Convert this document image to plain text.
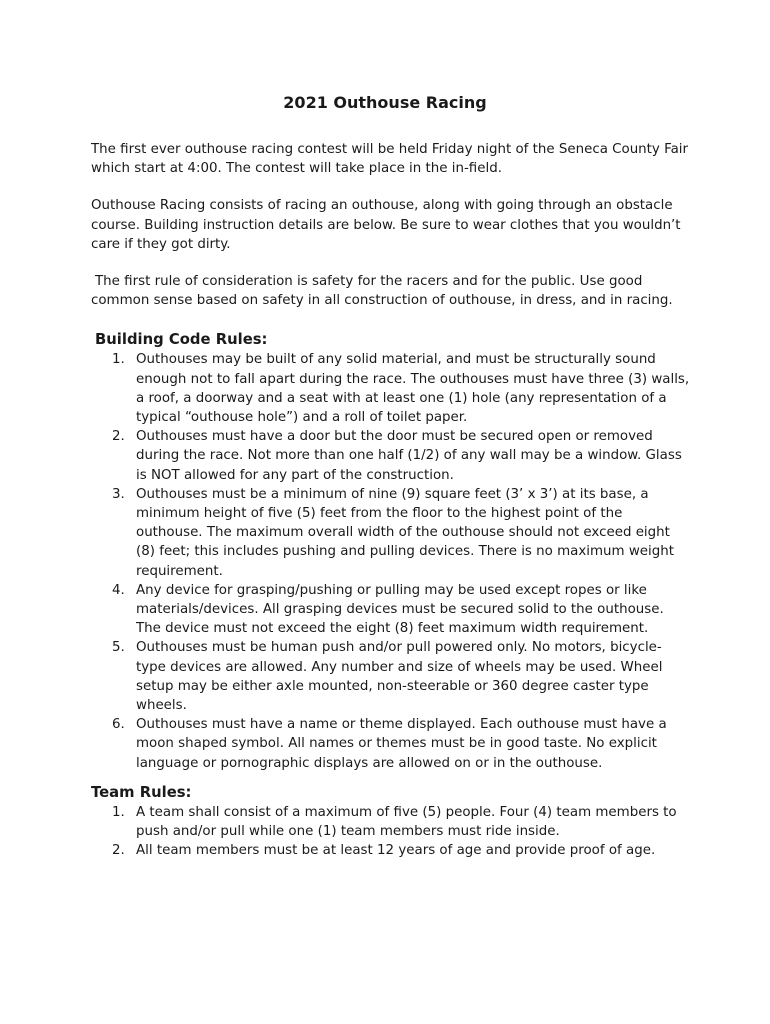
2021 Outhouse Racing

The first ever outhouse racing contest will be held Friday night of the Seneca County Fair which start at 4:00. The contest will take place in the in-field.

Outhouse Racing consists of racing an outhouse, along with going through an obstacle course. Building instruction details are below. Be sure to wear clothes that you wouldn’t care if they got dirty.

The first rule of consideration is safety for the racers and for the public. Use good common sense based on safety in all construction of outhouse, in dress, and in racing.

Building Code Rules:
1. Outhouses may be built of any solid material, and must be structurally sound enough not to fall apart during the race. The outhouses must have three (3) walls, a roof, a doorway and a seat with at least one (1) hole (any representation of a typical “outhouse hole”) and a roll of toilet paper.
2. Outhouses must have a door but the door must be secured open or removed during the race. Not more than one half (1/2) of any wall may be a window. Glass is NOT allowed for any part of the construction.
3. Outhouses must be a minimum of nine (9) square feet (3’ x 3’) at its base, a minimum height of five (5) feet from the floor to the highest point of the outhouse. The maximum overall width of the outhouse should not exceed eight (8) feet; this includes pushing and pulling devices. There is no maximum weight requirement.
4. Any device for grasping/pushing or pulling may be used except ropes or like materials/devices. All grasping devices must be secured solid to the outhouse. The device must not exceed the eight (8) feet maximum width requirement.
5. Outhouses must be human push and/or pull powered only. No motors, bicycle-type devices are allowed. Any number and size of wheels may be used. Wheel setup may be either axle mounted, non-steerable or 360 degree caster type wheels.
6. Outhouses must have a name or theme displayed. Each outhouse must have a moon shaped symbol. All names or themes must be in good taste. No explicit language or pornographic displays are allowed on or in the outhouse.
Team Rules:
1. A team shall consist of a maximum of five (5) people. Four (4) team members to push and/or pull while one (1) team members must ride inside.
2. All team members must be at least 12 years of age and provide proof of age.
